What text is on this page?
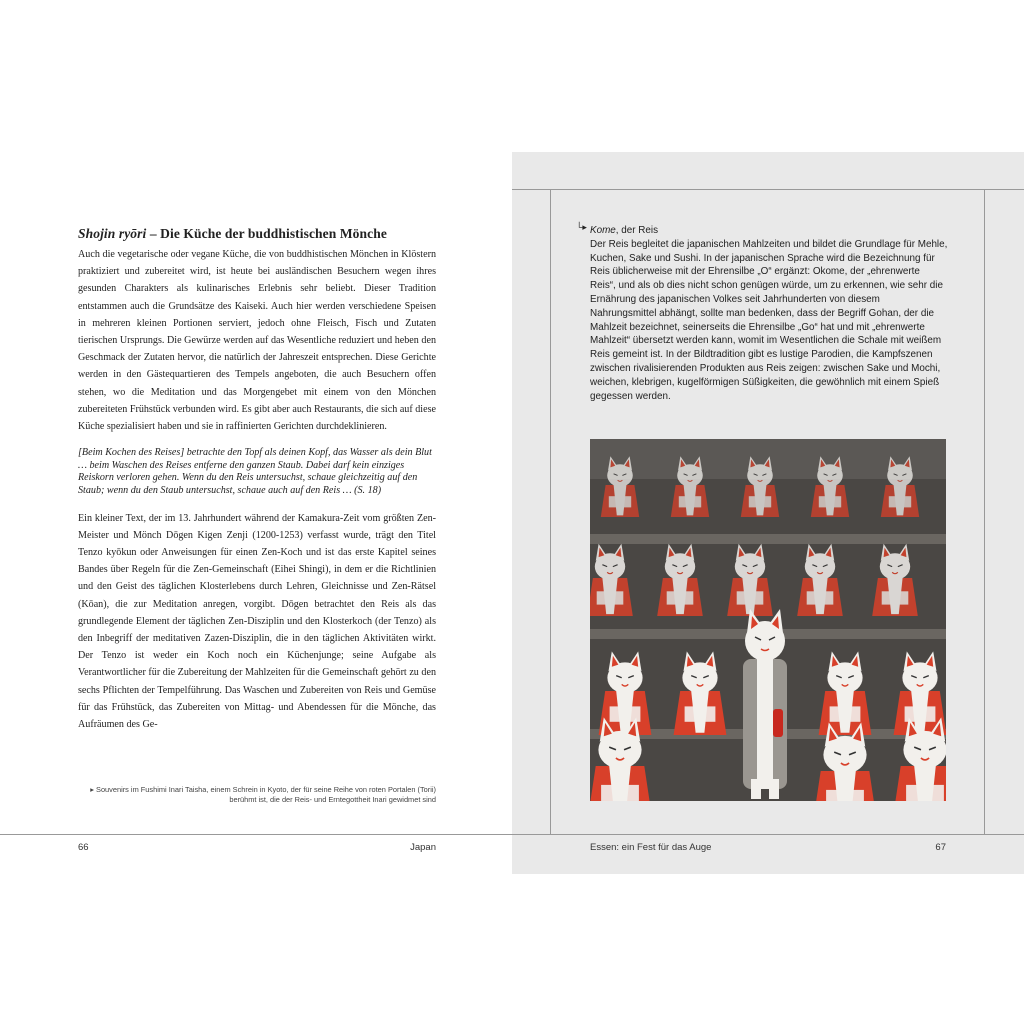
Shojin ryōri – Die Küche der buddhistischen Mönche

Auch die vegetarische oder vegane Küche, die von buddhistischen Mönchen in Klöstern praktiziert und zubereitet wird, ist heute bei ausländischen Besuchern wegen ihres gesunden Charakters als kulinarisches Erlebnis sehr beliebt. Dieser Tradition entstammen auch die Grundsätze des Kaiseki. Auch hier werden verschiedene Speisen in mehreren kleinen Portionen serviert, jedoch ohne Fleisch, Fisch und Zutaten tierischen Ursprungs. Die Gewürze werden auf das Wesentliche reduziert und heben den Geschmack der Zutaten hervor, die natürlich der Jahreszeit entsprechen. Diese Gerichte werden in den Gästequartieren des Tempels angeboten, die auch Besuchern offen stehen, wo die Meditation und das Morgengebet mit einem von den Mönchen zubereiteten Frühstück verbunden wird. Es gibt aber auch Restaurants, die sich auf diese Küche spezialisiert haben und sie in raffinierten Gerichten durchdeklinieren.

[Beim Kochen des Reises] betrachte den Topf als deinen Kopf, das Wasser als dein Blut … beim Waschen des Reises entferne den ganzen Staub. Dabei darf kein einziges Reiskorn verloren gehen. Wenn du den Reis untersuchst, schaue gleichzeitig auf den Staub; wenn du den Staub untersuchst, schaue auch auf den Reis … (S. 18)

Ein kleiner Text, der im 13. Jahrhundert während der Kamakura-Zeit vom größten Zen-Meister und Mönch Dōgen Kigen Zenji (1200-1253) verfasst wurde, trägt den Titel Tenzo kyōkun oder Anweisungen für einen Zen-Koch und ist das erste Kapitel seines Bandes über Regeln für die Zen-Gemeinschaft (Eihei Shingi), in dem er die Richtlinien und den Geist des täglichen Klosterlebens durch Lehren, Gleichnisse und Zen-Rätsel (Kōan), die zur Meditation anregen, vorgibt. Dōgen betrachtet den Reis als das grundlegende Element der täglichen Zen-Disziplin und den Klosterkoch (der Tenzo) als den Inbegriff der meditativen Zazen-Disziplin, die in den täglichen Aktivitäten wirkt. Der Tenzo ist weder ein Koch noch ein Küchenjunge; seine Aufgabe als Verantwortlicher für die Zubereitung der Mahlzeiten für die Gemeinschaft gehört zu den sechs Pflichten der Tempelführung. Das Waschen und Zubereiten von Reis und Gemüse für das Frühstück, das Zubereiten von Mittag- und Abendessen für die Mönche, das Aufräumen des Ge-

▸ Souvenirs im Fushimi Inari Taisha, einem Schrein in Kyoto, der für seine Reihe von roten Portalen (Torii) berühmt ist, die der Reis- und Erntegottheit Inari gewidmet sind
66	Japan
└▸ Kome, der Reis

Der Reis begleitet die japanischen Mahlzeiten und bildet die Grundlage für Mehle, Kuchen, Sake und Sushi. In der japanischen Sprache wird die Bezeichnung für Reis üblicherweise mit der Ehrensilbe „O“ ergänzt: Okome, der „ehrenwerte Reis“, und als ob dies nicht schon genügen würde, um zu erkennen, wie sehr die Ernährung des japanischen Volkes seit Jahrhunderten von diesem Nahrungsmittel abhängt, sollte man bedenken, dass der Begriff Gohan, der die Mahlzeit bezeichnet, seinerseits die Ehrensilbe „Go“ hat und mit „ehrenwerte Mahlzeit“ übersetzt werden kann, womit im Wesentlichen die Schale mit weißem Reis gemeint ist. In der Bildtradition gibt es lustige Parodien, die Kampfszenen zwischen rivalisierenden Produkten aus Reis zeigen: zwischen Sake und Mochi, weichen, klebrigen, kugelförmigen Süßigkeiten, die gewöhnlich mit einem Spieß gegessen werden.

Essen: ein Fest für das Auge	67
